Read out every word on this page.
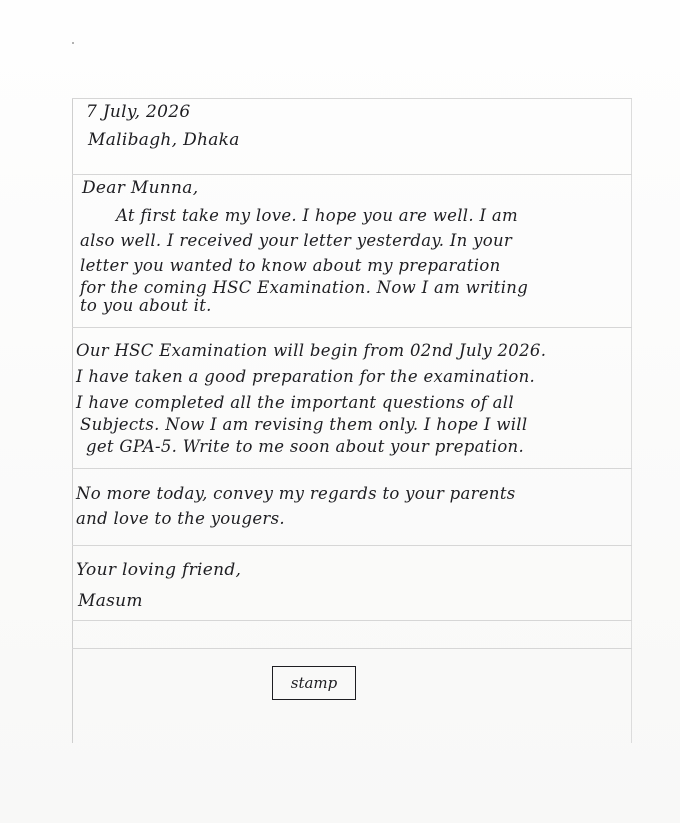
7 July, 2026
Malibagh, Dhaka
Dear Munna,
At first take my love. I hope you are well. I am
also well. I received your letter yesterday. In your
letter you wanted to know about my preparation
for the coming HSC Examination. Now I am writing
to you about it.
Our HSC Examination will begin from 02nd July 2026.
I have taken a good preparation for the examination.
I have completed all the important questions of all
Subjects. Now I am revising them only. I hope I will
get GPA-5. Write to me soon about your prepation.
No more today, convey my regards to your parents
and love to the yougers.
Your loving friend,
Masum
stamp
